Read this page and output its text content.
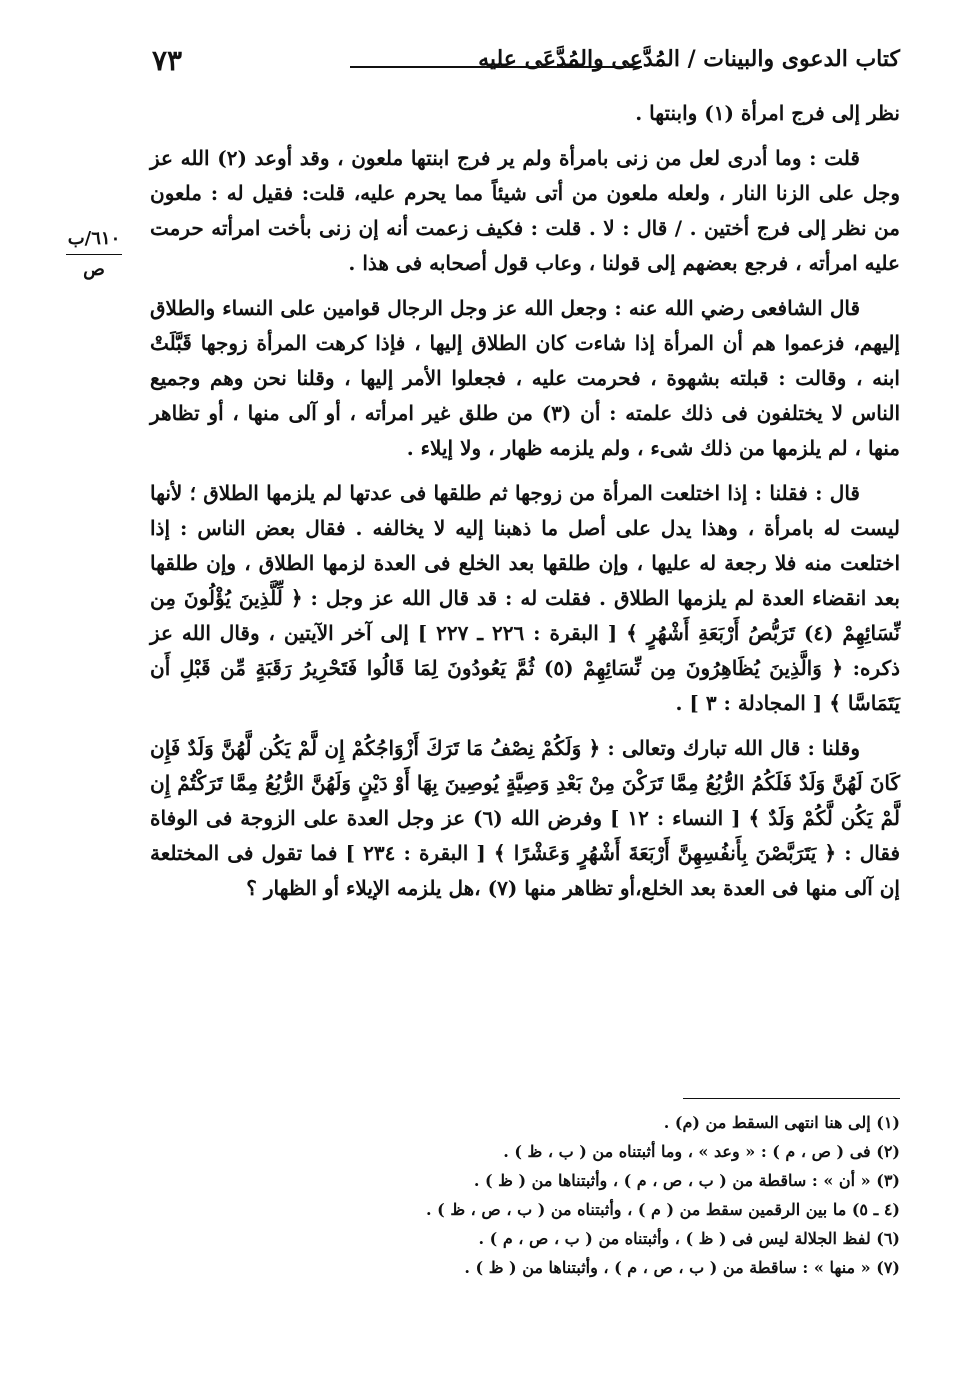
٧٣	كتاب الدعوى والبينات / المُدَّعِى والمُدَّعَى عليه
٦١٠/ب
ص

نظر إلى فرج امرأة (١) وابنتها .

قلت : وما أدرى لعل من زنى بامرأة ولم ير فرج ابنتها ملعون ، وقد أوعد (٢) الله عز وجل على الزنا النار ، ولعله ملعون من أتى شيئاً مما يحرم عليه، قلت: فقيل له : ملعون من نظر إلى فرج أختين . / قال : لا . قلت : فكيف زعمت أنه إن زنى بأخت امرأته حرمت عليه امرأته ، فرجع بعضهم إلى قولنا ، وعاب قول أصحابه فى هذا .

قال الشافعى رضي الله عنه : وجعل الله عز وجل الرجال قوامين على النساء والطلاق إليهم، فزعموا هم أن المرأة إذا شاءت كان الطلاق إليها ، فإذا كرهت المرأة زوجها قَبَّلَتْ ابنه ، وقالت : قبلته بشهوة ، فحرمت عليه ، فجعلوا الأمر إليها ، وقلنا نحن وهم وجميع الناس لا يختلفون فى ذلك علمته : أن (٣) من طلق غير امرأته ، أو آلى منها ، أو تظاهر منها ، لم يلزمها من ذلك شىء ، ولم يلزمه ظهار ، ولا إيلاء .

قال : فقلنا : إذا اختلعت المرأة من زوجها ثم طلقها فى عدتها لم يلزمها الطلاق ؛ لأنها ليست له بامرأة ، وهذا يدل على أصل ما ذهبنا إليه لا يخالفه . فقال بعض الناس : إذا اختلعت منه فلا رجعة له عليها ، وإن طلقها بعد الخلع فى العدة لزمها الطلاق ، وإن طلقها بعد انقضاء العدة لم يلزمها الطلاق . فقلت له : قد قال الله عز وجل : ﴿ لِّلَّذِينَ يُؤْلُونَ مِن نِّسَائِهِمْ (٤) تَرَبُّصُ أَرْبَعَةِ أَشْهُرٍ ﴾ [ البقرة : ٢٢٦ ـ ٢٢٧ ] إلى آخر الآيتين ، وقال الله عز ذكره: ﴿ وَالَّذِينَ يُظَاهِرُونَ مِن نِّسَائِهِمْ (٥) ثُمَّ يَعُودُونَ لِمَا قَالُوا فَتَحْرِيرُ رَقَبَةٍ مِّن قَبْلِ أَن يَتَمَاسَّا ﴾ [ المجادلة : ٣ ] .

وقلنا : قال الله تبارك وتعالى : ﴿ وَلَكُمْ نِصْفُ مَا تَرَكَ أَزْوَاجُكُمْ إِن لَّمْ يَكُن لَّهُنَّ وَلَدٌ فَإِن كَانَ لَهُنَّ وَلَدٌ فَلَكُمُ الرُّبُعُ مِمَّا تَرَكْنَ مِنْ بَعْدِ وَصِيَّةٍ يُوصِينَ بِهَا أَوْ دَيْنٍ وَلَهُنَّ الرُّبُعُ مِمَّا تَرَكْتُمْ إِن لَّمْ يَكُن لَّكُمْ وَلَدٌ ﴾ [ النساء : ١٢ ] وفرض الله (٦) عز وجل العدة على الزوجة فى الوفاة فقال : ﴿ يَتَرَبَّصْنَ بِأَنفُسِهِنَّ أَرْبَعَةَ أَشْهُرٍ وَعَشْرًا ﴾ [ البقرة : ٢٣٤ ] فما تقول فى المختلعة إن آلى منها فى العدة بعد الخلع،أو تظاهر منها (٧) ،هل يلزمه الإيلاء أو الظهار ؟

(١) إلى هنا انتهى السقط من (م) .
(٢) فى ( ص ، م ) : « وعد » ، وما أثبتناه من ( ب ، ظ ) .
(٣) « أن » : ساقطة من ( ب ، ص ، م ) ، وأثبتناها من ( ظ ) .
(٤ ـ ٥) ما بين الرقمين سقط من ( م ) ، وأثبتناه من ( ب ، ص ، ظ ) .
(٦) لفظ الجلالة ليس فى ( ظ ) ، وأثبتناه من ( ب ، ص ، م ) .
(٧) « منها » : ساقطة من ( ب ، ص ، م ) ، وأثبتناها من ( ظ ) .
